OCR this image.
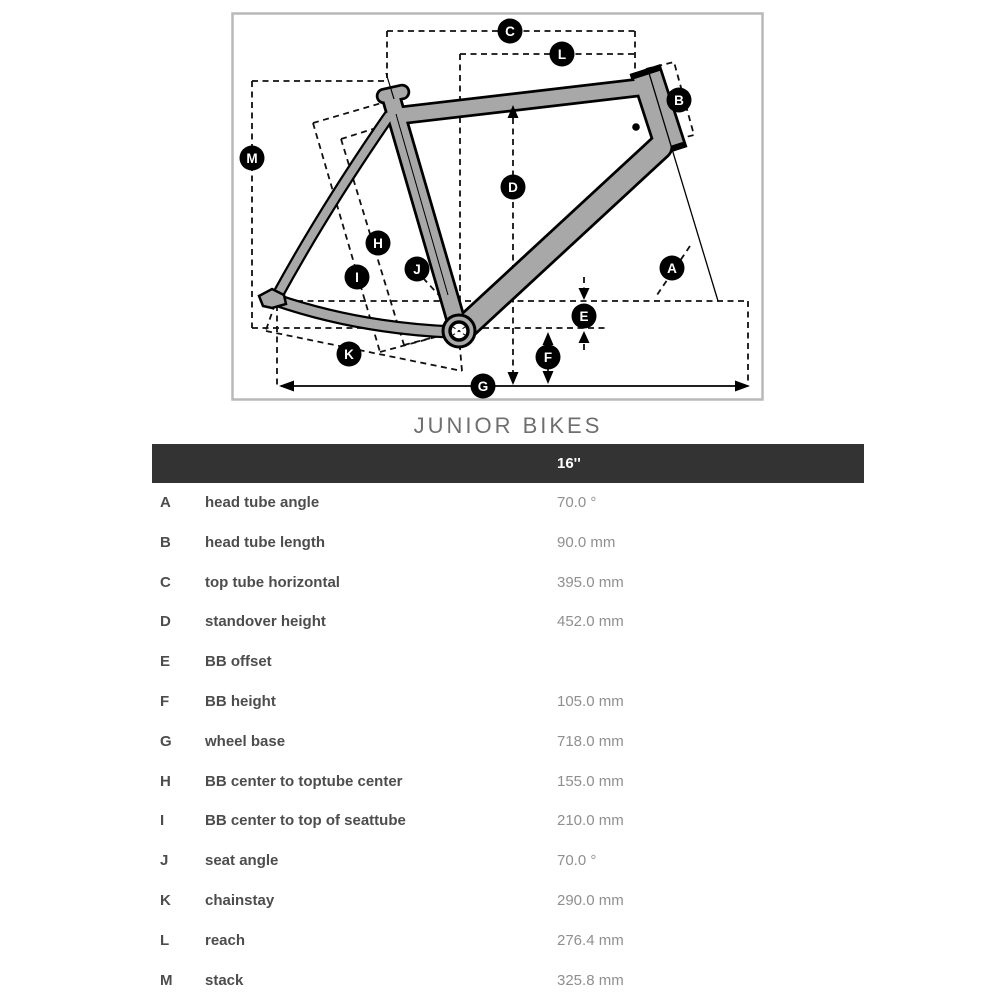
A
B
C
D
E
F
G
H
I
J
K
L
M
JUNIOR BIKES
16''
A	head tube angle	70.0 °
B	head tube length	90.0 mm
C	top tube horizontal	395.0 mm
D	standover height	452.0 mm
E	BB offset
F	BB height	105.0 mm
G	wheel base	718.0 mm
H	BB center to toptube center	155.0 mm
I	BB center to top of seattube	210.0 mm
J	seat angle	70.0 °
K	chainstay	290.0 mm
L	reach	276.4 mm
M	stack	325.8 mm
